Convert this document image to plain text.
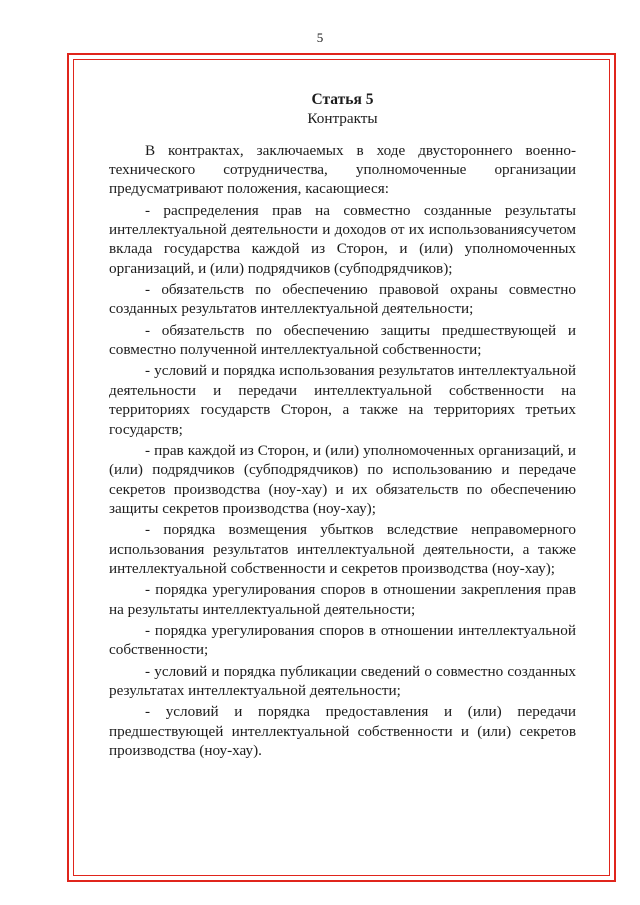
5

Статья 5

Контракты

В контрактах, заключаемых в ходе двустороннего военно-технического сотрудничества, уполномоченные организации предусматривают положения, касающиеся:

- распределения прав на совместно созданные результаты интеллектуальной деятельности и доходов от их использованиясучетом вклада государства каждой из Сторон, и (или) уполномоченных организаций, и (или) подрядчиков (субподрядчиков);

- обязательств по обеспечению правовой охраны совместно созданных результатов интеллектуальной деятельности;

- обязательств по обеспечению защиты предшествующей и совместно полученной интеллектуальной собственности;

- условий и порядка использования результатов интеллектуальной деятельности и передачи интеллектуальной собственности на территориях государств Сторон, а также на территориях третьих государств;

- прав каждой из Сторон, и (или) уполномоченных организаций, и (или) подрядчиков (субподрядчиков) по использованию и передаче секретов производства (ноу-хау) и их обязательств по обеспечению защиты секретов производства (ноу-хау);

- порядка возмещения убытков вследствие неправомерного использования результатов интеллектуальной деятельности, а также интеллектуальной собственности и секретов производства (ноу-хау);

- порядка урегулирования споров в отношении закрепления прав на результаты интеллектуальной деятельности;

- порядка урегулирования споров в отношении интеллектуальной собственности;

- условий и порядка публикации сведений о совместно созданных результатах интеллектуальной деятельности;

- условий и порядка предоставления и (или) передачи предшествующей интеллектуальной собственности и (или) секретов производства (ноу-хау).
